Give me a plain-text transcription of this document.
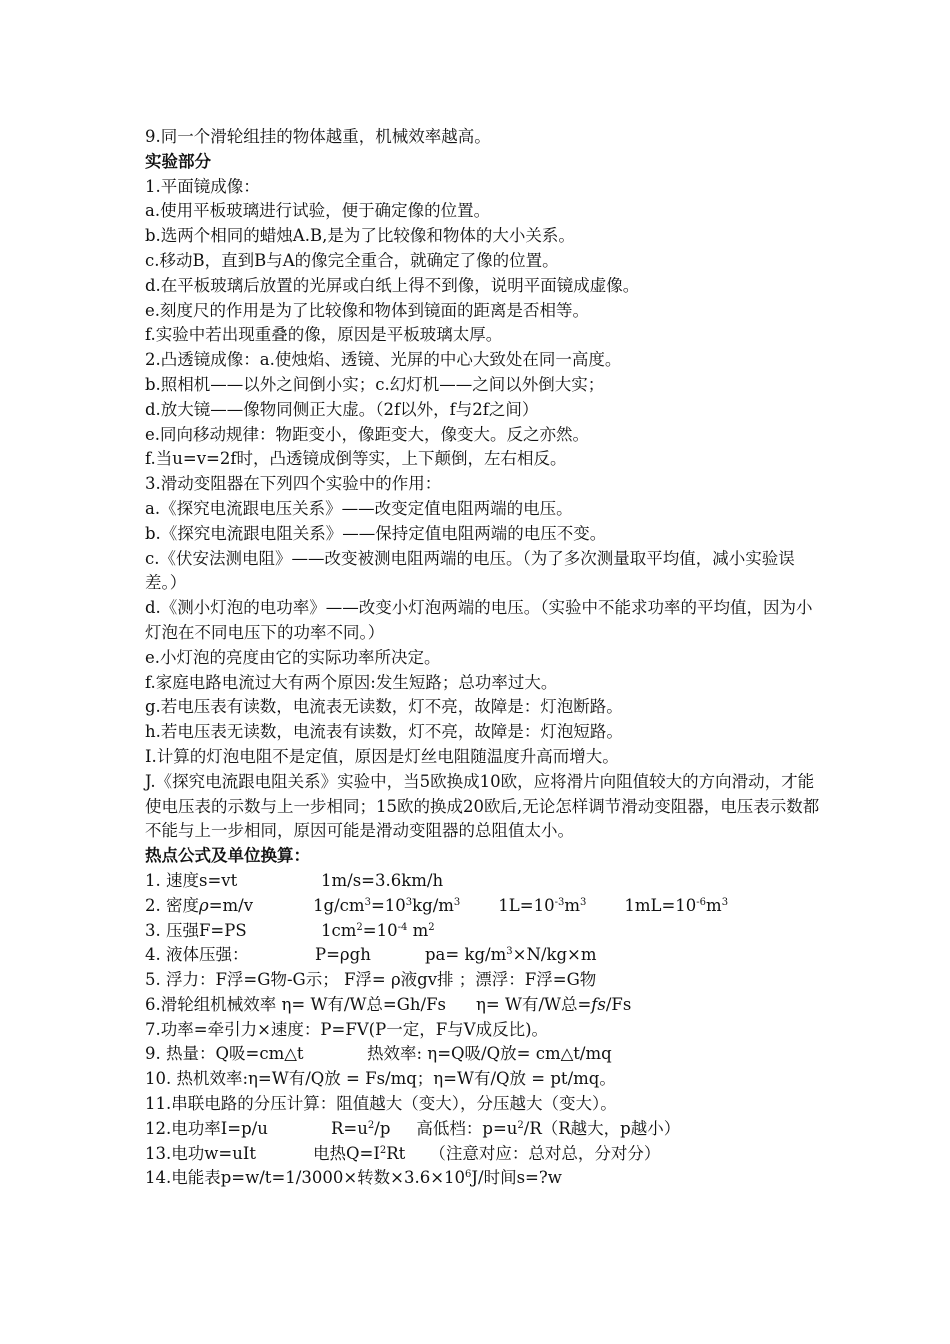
9.同一个滑轮组挂的物体越重，机械效率越高。
实验部分
1.平面镜成像：
a.使用平板玻璃进行试验，便于确定像的位置。
b.选两个相同的蜡烛A.B,是为了比较像和物体的大小关系。
c.移动B，直到B与A的像完全重合，就确定了像的位置。
d.在平板玻璃后放置的光屏或白纸上得不到像，说明平面镜成虚像。
e.刻度尺的作用是为了比较像和物体到镜面的距离是否相等。
f.实验中若出现重叠的像，原因是平板玻璃太厚。
2.凸透镜成像：a.使烛焰、透镜、光屏的中心大致处在同一高度。
b.照相机——以外之间倒小实；c.幻灯机——之间以外倒大实；
d.放大镜——像物同侧正大虚。（2f以外，f与2f之间）
e.同向移动规律：物距变小，像距变大，像变大。反之亦然。
f.当u=v=2f时，凸透镜成倒等实，上下颠倒，左右相反。
3.滑动变阻器在下列四个实验中的作用：
a.《探究电流跟电压关系》——改变定值电阻两端的电压。
b.《探究电流跟电阻关系》——保持定值电阻两端的电压不变。
c.《伏安法测电阻》——改变被测电阻两端的电压。（为了多次测量取平均值，减小实验误差。）
d.《测小灯泡的电功率》——改变小灯泡两端的电压。（实验中不能求功率的平均值，因为小灯泡在不同电压下的功率不同。）
e.小灯泡的亮度由它的实际功率所决定。
f.家庭电路电流过大有两个原因:发生短路；总功率过大。
g.若电压表有读数，电流表无读数，灯不亮，故障是：灯泡断路。
h.若电压表无读数，电流表有读数，灯不亮，故障是：灯泡短路。
I.计算的灯泡电阻不是定值，原因是灯丝电阻随温度升高而增大。
J.《探究电流跟电阻关系》实验中，当5欧换成10欧，应将滑片向阻值较大的方向滑动，才能使电压表的示数与上一步相同；15欧的换成20欧后,无论怎样调节滑动变阻器，电压表示数都不能与上一步相同，原因可能是滑动变阻器的总阻值太小。
热点公式及单位换算：
1. 速度s=vt	1m/s=3.6km/h
2. 密度ρ=m/v	$1g/cm^3=10^3kg/m^3$ $1L=10^{-3}m^3$ $1mL=10^{-6}m^3$
3. 压强F=PS	$1cm^2=10^{-4}$ $m^2$
4. 液体压强：	P=ρgh	$pa= kg/m^3\times N/kg\times m$
5. 浮力：F浮=G物-G示； F浮= ρ液gv排 ；漂浮：F浮=G物
6.滑轮组机械效率 η= W有/W总=Gh/Fs η= W有/W总=fs/Fs
7.功率=牵引力×速度：P=FV(P一定，F与V成反比)。
9. 热量：Q吸=cm△t	热效率: η=Q吸/Q放= cm△t/mq
10. 热机效率:η=W有/Q放 = Fs/mq；η=W有/Q放 = pt/mq。
11.串联电路的分压计算：阻值越大（变大），分压越大（变大）。
12.电功率I=p/u	$R=u^2/p$ 高低档：$p=u^2/R(R$越大，p越小）
13.电功w=uIt	电热$Q=I^2Rt$ （注意对应：总对总，分对分）
14.电能表p=w/t=1/3000×转数$\times 3.6\times 10^6J/$时间s=?w
